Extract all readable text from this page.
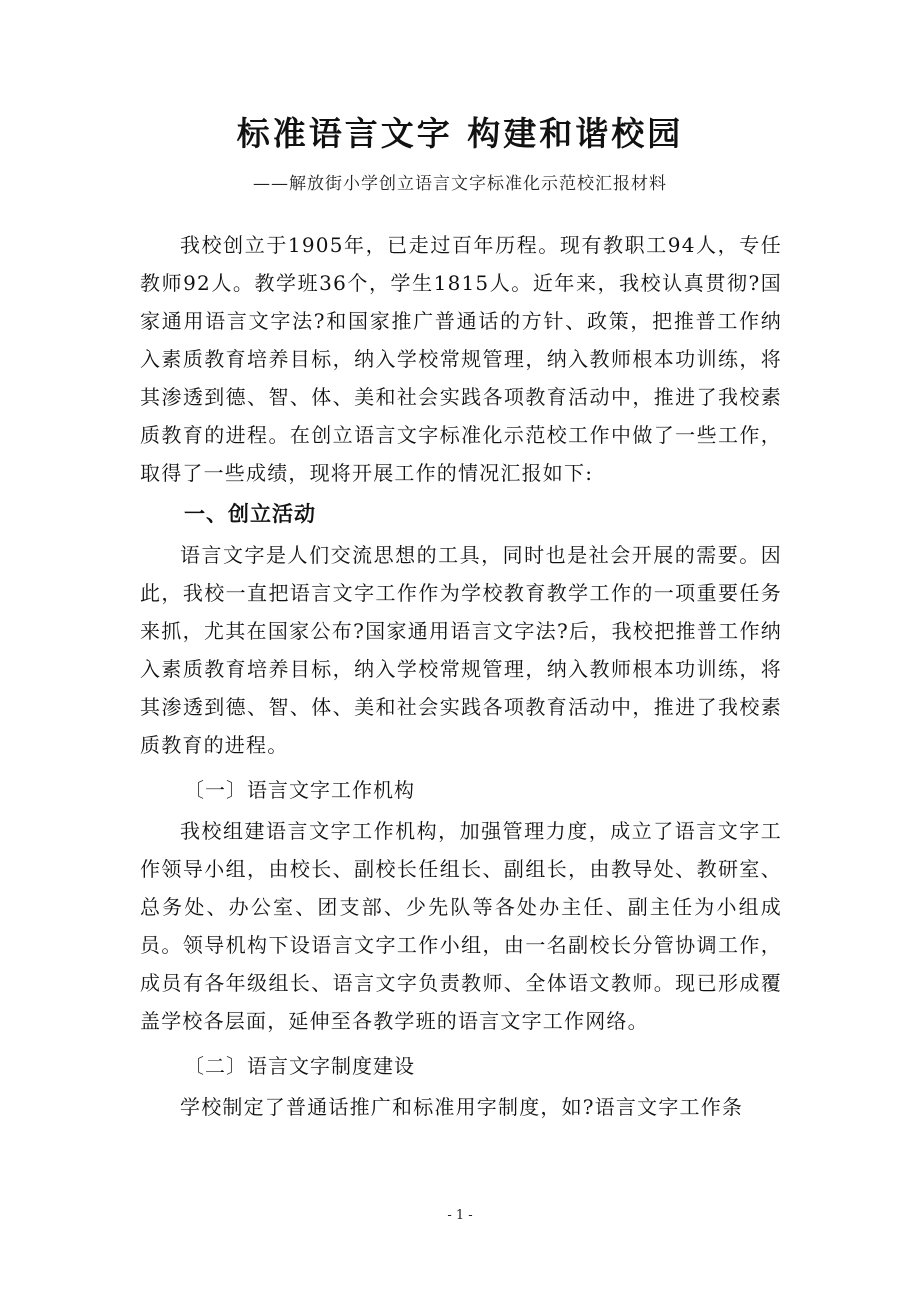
标准语言文字 构建和谐校园

——解放街小学创立语言文字标准化示范校汇报材料

我校创立于1905年，已走过百年历程。现有教职工94人，专任教师92人。教学班36个，学生1815人。近年来，我校认真贯彻?国家通用语言文字法?和国家推广普通话的方针、政策，把推普工作纳入素质教育培养目标，纳入学校常规管理，纳入教师根本功训练，将其渗透到德、智、体、美和社会实践各项教育活动中，推进了我校素质教育的进程。在创立语言文字标准化示范校工作中做了一些工作，取得了一些成绩，现将开展工作的情况汇报如下:

一、创立活动

语言文字是人们交流思想的工具，同时也是社会开展的需要。因此，我校一直把语言文字工作作为学校教育教学工作的一项重要任务来抓，尤其在国家公布?国家通用语言文字法?后，我校把推普工作纳入素质教育培养目标，纳入学校常规管理，纳入教师根本功训练，将其渗透到德、智、体、美和社会实践各项教育活动中，推进了我校素质教育的进程。

〔一〕语言文字工作机构

我校组建语言文字工作机构，加强管理力度，成立了语言文字工作领导小组，由校长、副校长任组长、副组长，由教导处、教研室、总务处、办公室、团支部、少先队等各处办主任、副主任为小组成员。领导机构下设语言文字工作小组，由一名副校长分管协调工作，成员有各年级组长、语言文字负责教师、全体语文教师。现已形成覆盖学校各层面，延伸至各教学班的语言文字工作网络。

〔二〕语言文字制度建设

学校制定了普通话推广和标准用字制度，如?语言文字工作条

- 1 -
